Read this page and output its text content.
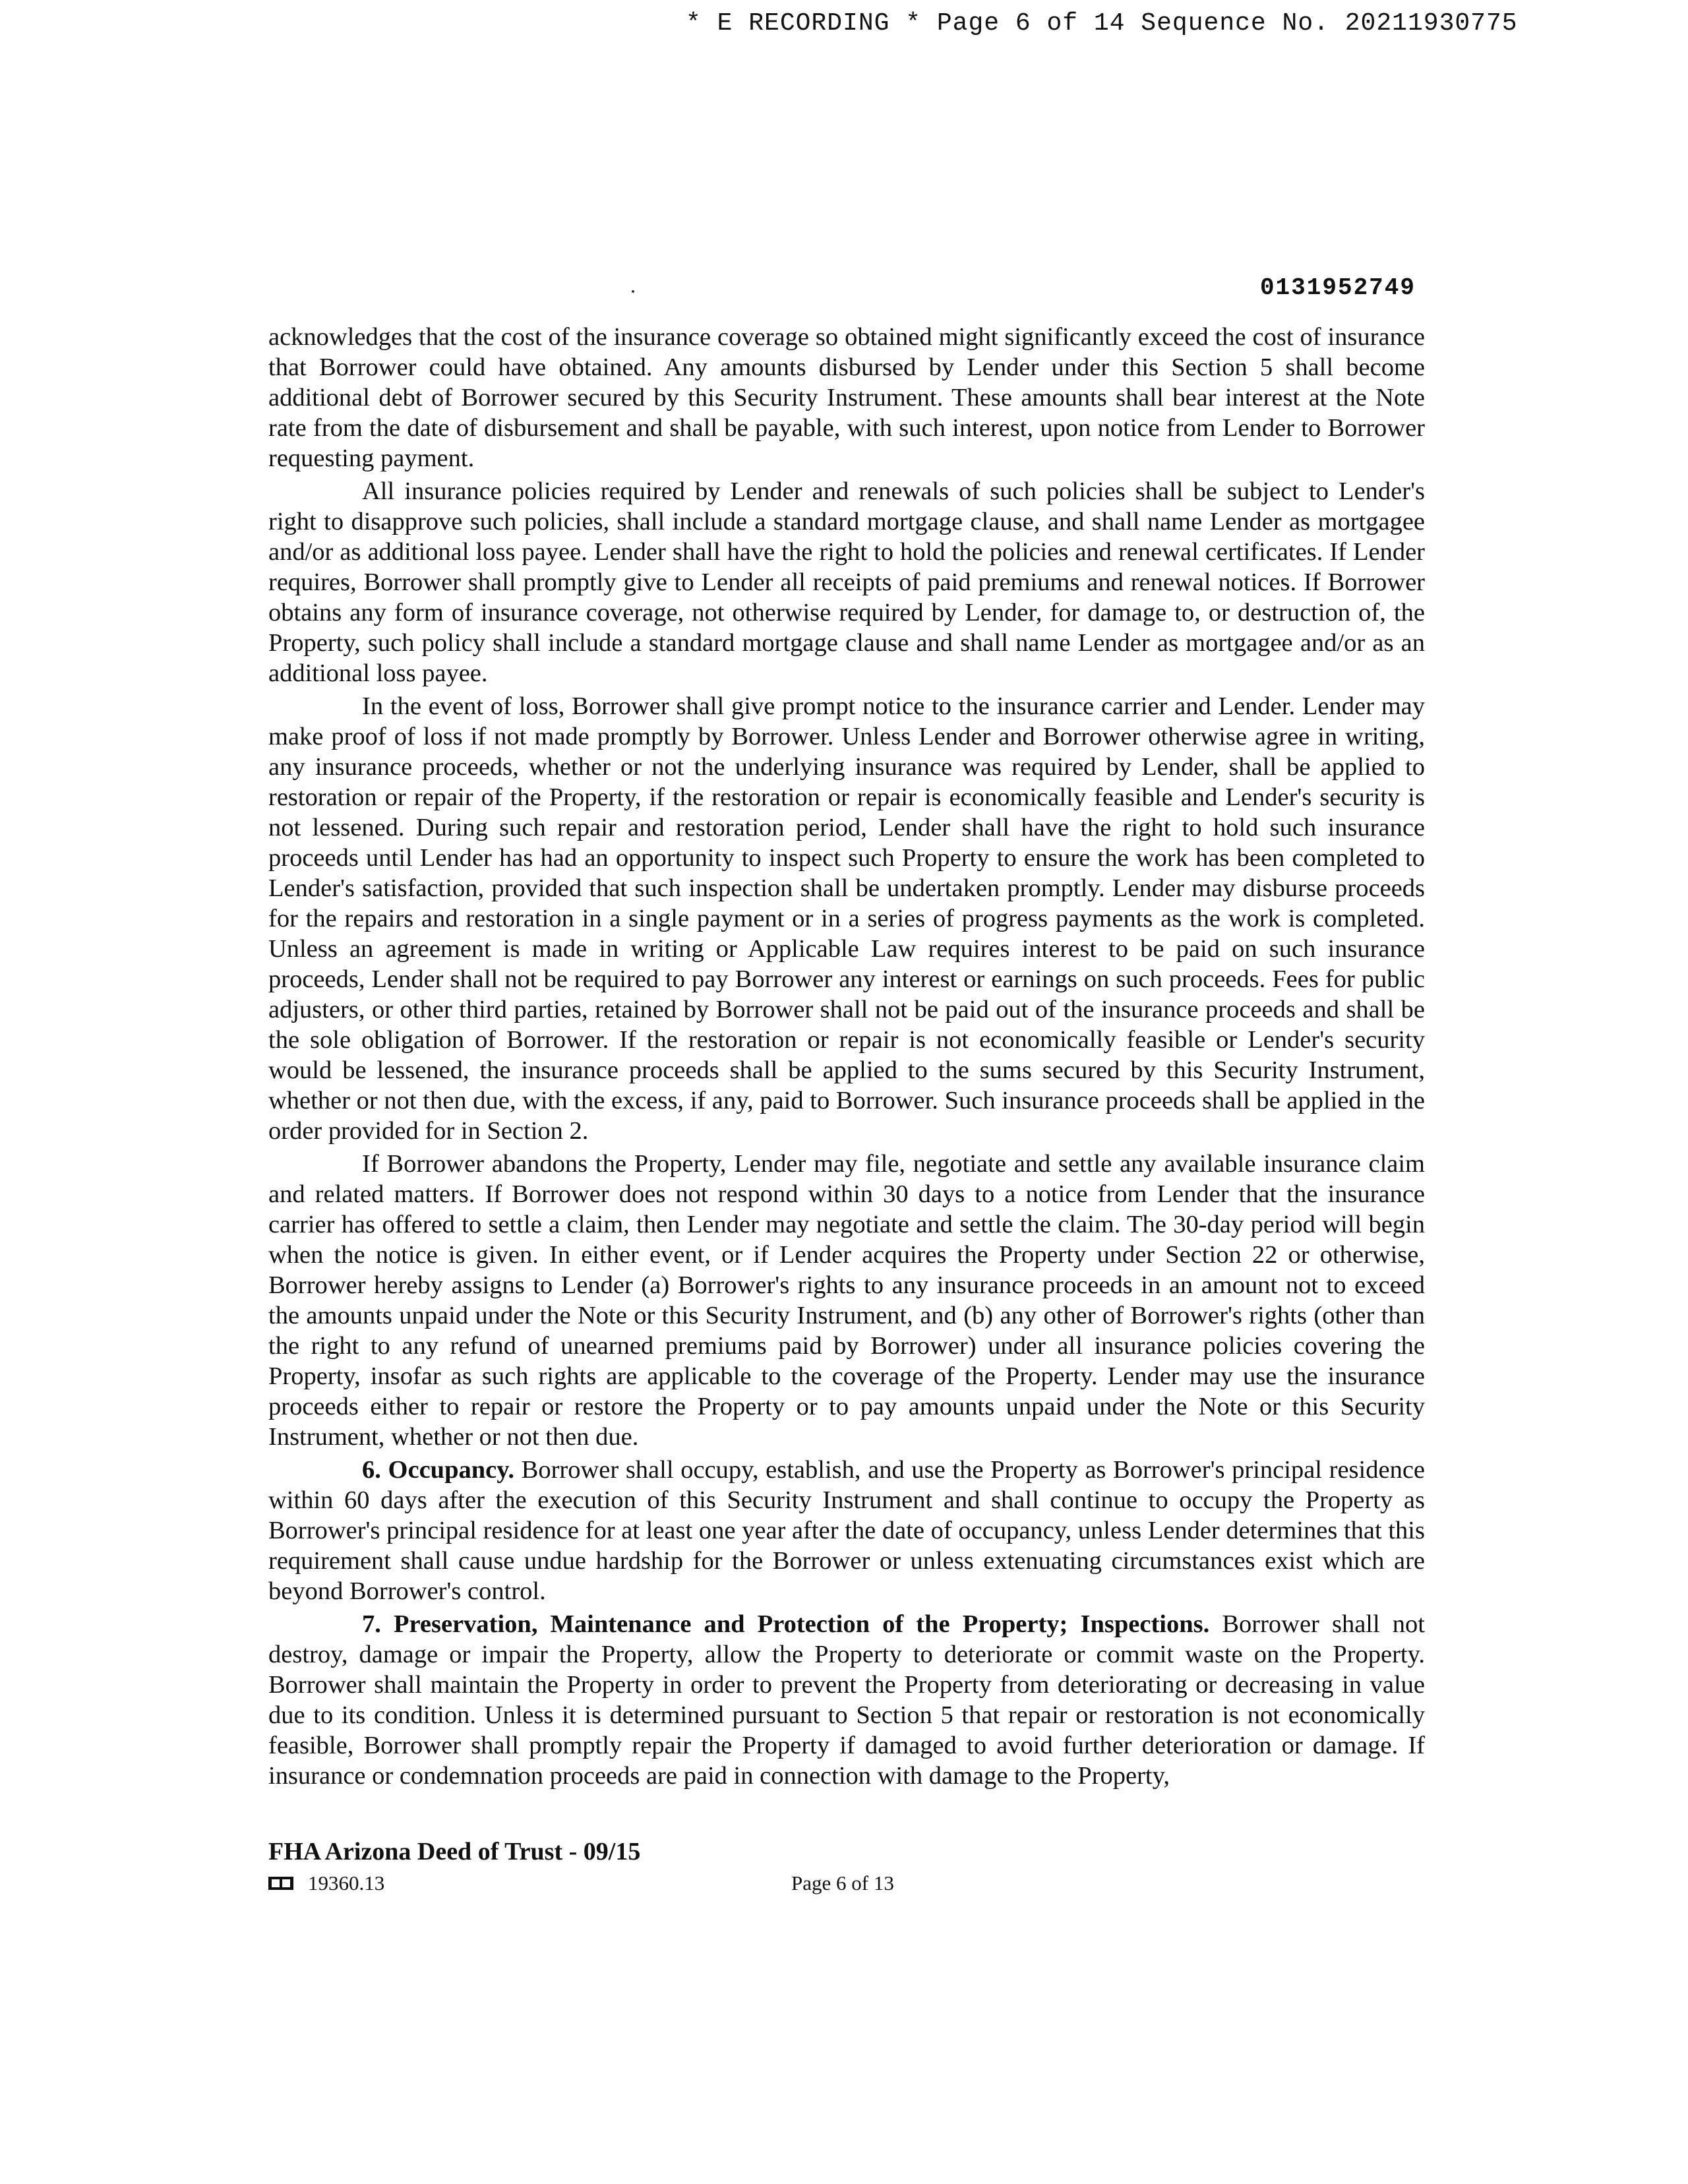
* E RECORDING * Page 6 of 14 Sequence No. 20211930775
0131952749

acknowledges that the cost of the insurance coverage so obtained might significantly exceed the cost of insurance that Borrower could have obtained. Any amounts disbursed by Lender under this Section 5 shall become additional debt of Borrower secured by this Security Instrument. These amounts shall bear interest at the Note rate from the date of disbursement and shall be payable, with such interest, upon notice from Lender to Borrower requesting payment.

All insurance policies required by Lender and renewals of such policies shall be subject to Lender's right to disapprove such policies, shall include a standard mortgage clause, and shall name Lender as mortgagee and/or as additional loss payee. Lender shall have the right to hold the policies and renewal certificates. If Lender requires, Borrower shall promptly give to Lender all receipts of paid premiums and renewal notices. If Borrower obtains any form of insurance coverage, not otherwise required by Lender, for damage to, or destruction of, the Property, such policy shall include a standard mortgage clause and shall name Lender as mortgagee and/or as an additional loss payee.

In the event of loss, Borrower shall give prompt notice to the insurance carrier and Lender. Lender may make proof of loss if not made promptly by Borrower. Unless Lender and Borrower otherwise agree in writing, any insurance proceeds, whether or not the underlying insurance was required by Lender, shall be applied to restoration or repair of the Property, if the restoration or repair is economically feasible and Lender's security is not lessened. During such repair and restoration period, Lender shall have the right to hold such insurance proceeds until Lender has had an opportunity to inspect such Property to ensure the work has been completed to Lender's satisfaction, provided that such inspection shall be undertaken promptly. Lender may disburse proceeds for the repairs and restoration in a single payment or in a series of progress payments as the work is completed. Unless an agreement is made in writing or Applicable Law requires interest to be paid on such insurance proceeds, Lender shall not be required to pay Borrower any interest or earnings on such proceeds. Fees for public adjusters, or other third parties, retained by Borrower shall not be paid out of the insurance proceeds and shall be the sole obligation of Borrower. If the restoration or repair is not economically feasible or Lender's security would be lessened, the insurance proceeds shall be applied to the sums secured by this Security Instrument, whether or not then due, with the excess, if any, paid to Borrower. Such insurance proceeds shall be applied in the order provided for in Section 2.

If Borrower abandons the Property, Lender may file, negotiate and settle any available insurance claim and related matters. If Borrower does not respond within 30 days to a notice from Lender that the insurance carrier has offered to settle a claim, then Lender may negotiate and settle the claim. The 30-day period will begin when the notice is given. In either event, or if Lender acquires the Property under Section 22 or otherwise, Borrower hereby assigns to Lender (a) Borrower's rights to any insurance proceeds in an amount not to exceed the amounts unpaid under the Note or this Security Instrument, and (b) any other of Borrower's rights (other than the right to any refund of unearned premiums paid by Borrower) under all insurance policies covering the Property, insofar as such rights are applicable to the coverage of the Property. Lender may use the insurance proceeds either to repair or restore the Property or to pay amounts unpaid under the Note or this Security Instrument, whether or not then due.

6. Occupancy. Borrower shall occupy, establish, and use the Property as Borrower's principal residence within 60 days after the execution of this Security Instrument and shall continue to occupy the Property as Borrower's principal residence for at least one year after the date of occupancy, unless Lender determines that this requirement shall cause undue hardship for the Borrower or unless extenuating circumstances exist which are beyond Borrower's control.

7. Preservation, Maintenance and Protection of the Property; Inspections. Borrower shall not destroy, damage or impair the Property, allow the Property to deteriorate or commit waste on the Property. Borrower shall maintain the Property in order to prevent the Property from deteriorating or decreasing in value due to its condition. Unless it is determined pursuant to Section 5 that repair or restoration is not economically feasible, Borrower shall promptly repair the Property if damaged to avoid further deterioration or damage. If insurance or condemnation proceeds are paid in connection with damage to the Property,

FHA Arizona Deed of Trust - 09/15
19360.13	Page 6 of 13
